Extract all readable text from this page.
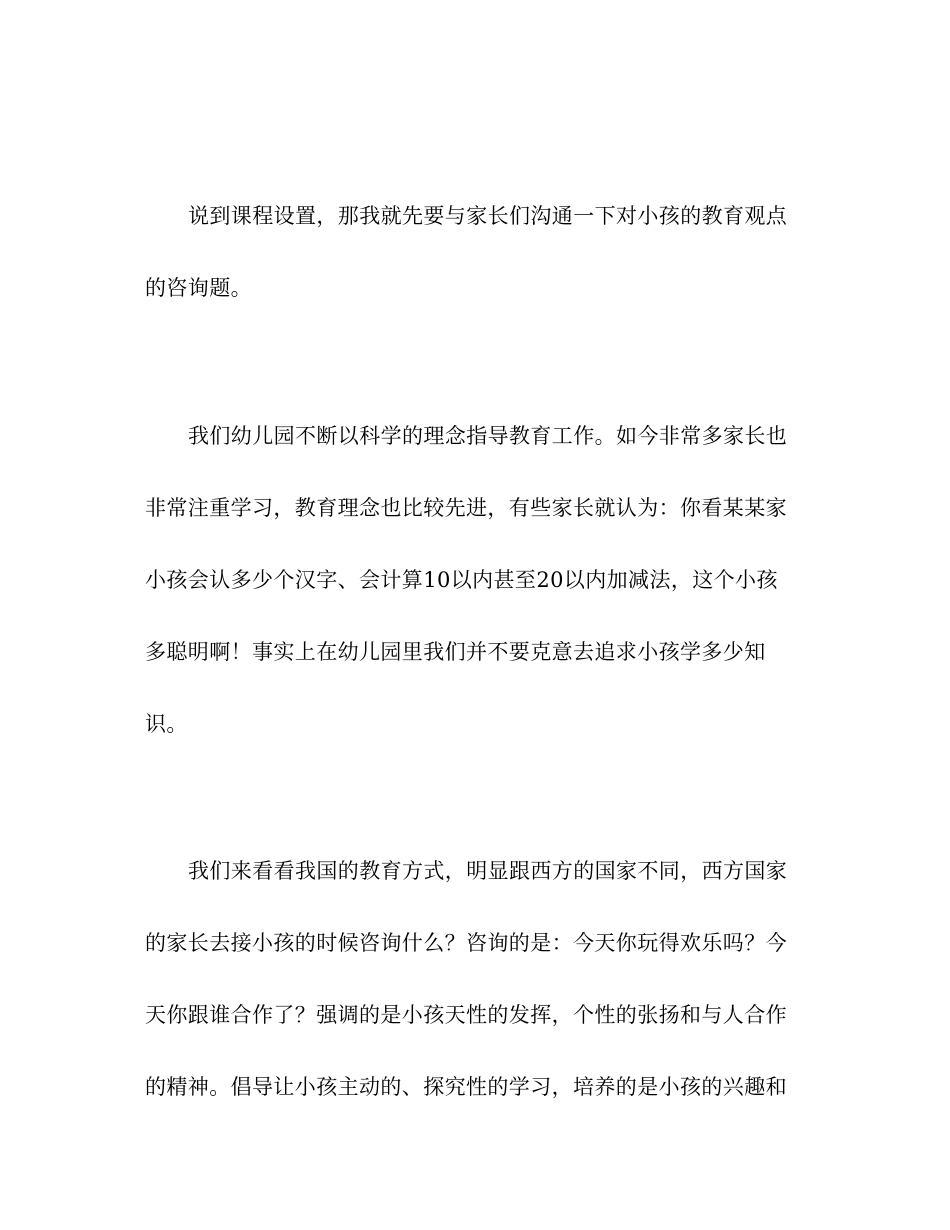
说到课程设置，那我就先要与家长们沟通一下对小孩的教育观点
的咨询题。
我们幼儿园不断以科学的理念指导教育工作。如今非常多家长也
非常注重学习，教育理念也比较先进，有些家长就认为：你看某某家
小孩会认多少个汉字、会计算10以内甚至20以内加减法，这个小孩
多聪明啊！事实上在幼儿园里我们并不要克意去追求小孩学多少知
识。
我们来看看我国的教育方式，明显跟西方的国家不同，西方国家
的家长去接小孩的时候咨询什么？咨询的是：今天你玩得欢乐吗？今
天你跟谁合作了？强调的是小孩天性的发挥，个性的张扬和与人合作
的精神。倡导让小孩主动的、探究性的学习，培养的是小孩的兴趣和
